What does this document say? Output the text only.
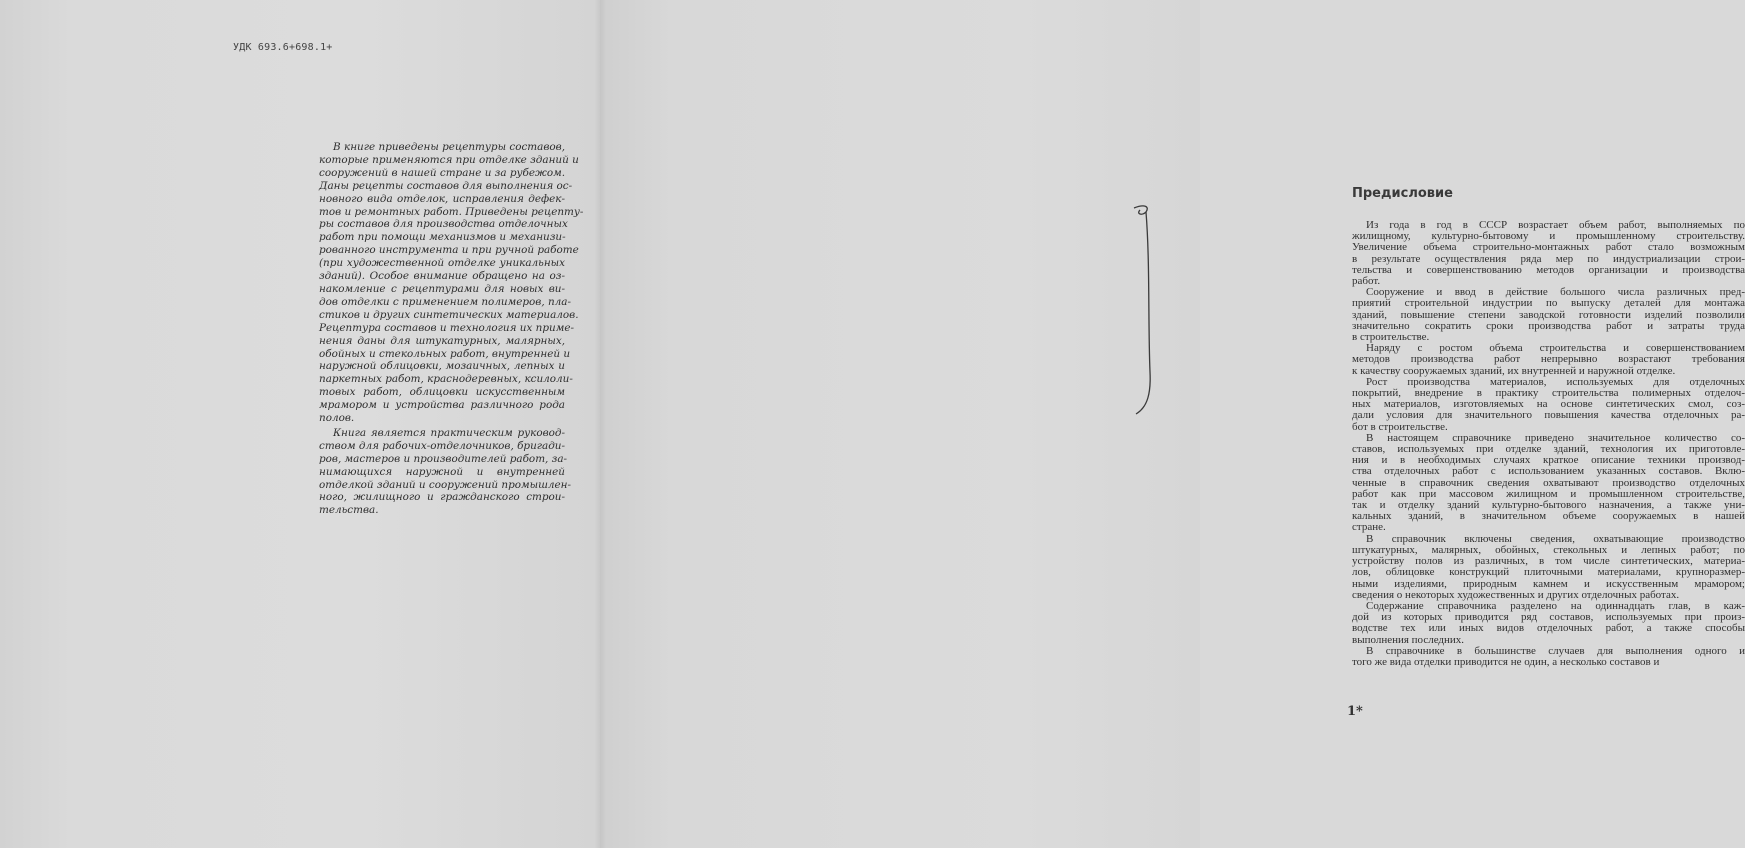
УДК 693.6+698.1+

В книге приведены рецептуры составов,
которые применяются при отделке зданий и
сооружений в нашей стране и за рубежом.
Даны рецепты составов для выполнения ос-
новного вида отделок, исправления дефек-
тов и ремонтных работ. Приведены рецепту-
ры составов для производства отделочных
работ при помощи механизмов и механизи-
рованного инструмента и при ручной работе
(при художественной отделке уникальных
зданий). Особое внимание обращено на оз-
накомление с рецептурами для новых ви-
дов отделки с применением полимеров, пла-
стиков и других синтетических материалов.
Рецептура составов и технология их приме-
нения даны для штукатурных, малярных,
обойных и стекольных работ, внутренней и
наружной облицовки, мозаичных, лепных и
паркетных работ, краснодеревных, ксилоли-
товых работ, облицовки искусственным
мрамором и устройства различного рода
полов.

Книга является практическим руковод-
ством для рабочих-отделочников, бригади-
ров, мастеров и производителей работ, за-
нимающихся наружной и внутренней
отделкой зданий и сооружений промышлен-
ного, жилищного и гражданского строи-
тельства.

Предисловие

Из года в год в СССР возрастает объем работ, выполняемых по
жилищному, культурно-бытовому и промышленному строительству.
Увеличение объема строительно-монтажных работ стало возможным
в результате осуществления ряда мер по индустриализации строи-
тельства и совершенствованию методов организации и производства
работ.

Сооружение и ввод в действие большого числа различных пред-
приятий строительной индустрии по выпуску деталей для монтажа
зданий, повышение степени заводской готовности изделий позволили
значительно сократить сроки производства работ и затраты труда
в строительстве.

Наряду с ростом объема строительства и совершенствованием
методов производства работ непрерывно возрастают требования
к качеству сооружаемых зданий, их внутренней и наружной отделке.

Рост производства материалов, используемых для отделочных
покрытий, внедрение в практику строительства полимерных отделоч-
ных материалов, изготовляемых на основе синтетических смол, соз-
дали условия для значительного повышения качества отделочных ра-
бот в строительстве.

В настоящем справочнике приведено значительное количество со-
ставов, используемых при отделке зданий, технология их приготовле-
ния и в необходимых случаях краткое описание техники производ-
ства отделочных работ с использованием указанных составов. Вклю-
ченные в справочник сведения охватывают производство отделочных
работ как при массовом жилищном и промышленном строительстве,
так и отделку зданий культурно-бытового назначения, а также уни-
кальных зданий, в значительном объеме сооружаемых в нашей
стране.

В справочник включены сведения, охватывающие производство
штукатурных, малярных, обойных, стекольных и лепных работ; по
устройству полов из различных, в том числе синтетических, материа-
лов, облицовке конструкций плиточными материалами, крупноразмер-
ными изделиями, природным камнем и искусственным мрамором;
сведения о некоторых художественных и других отделочных работах.

Содержание справочника разделено на одиннадцать глав, в каж-
дой из которых приводится ряд составов, используемых при произ-
водстве тех или иных видов отделочных работ, а также способы
выполнения последних.

В справочнике в большинстве случаев для выполнения одного и
того же вида отделки приводится не один, а несколько составов и

1*
